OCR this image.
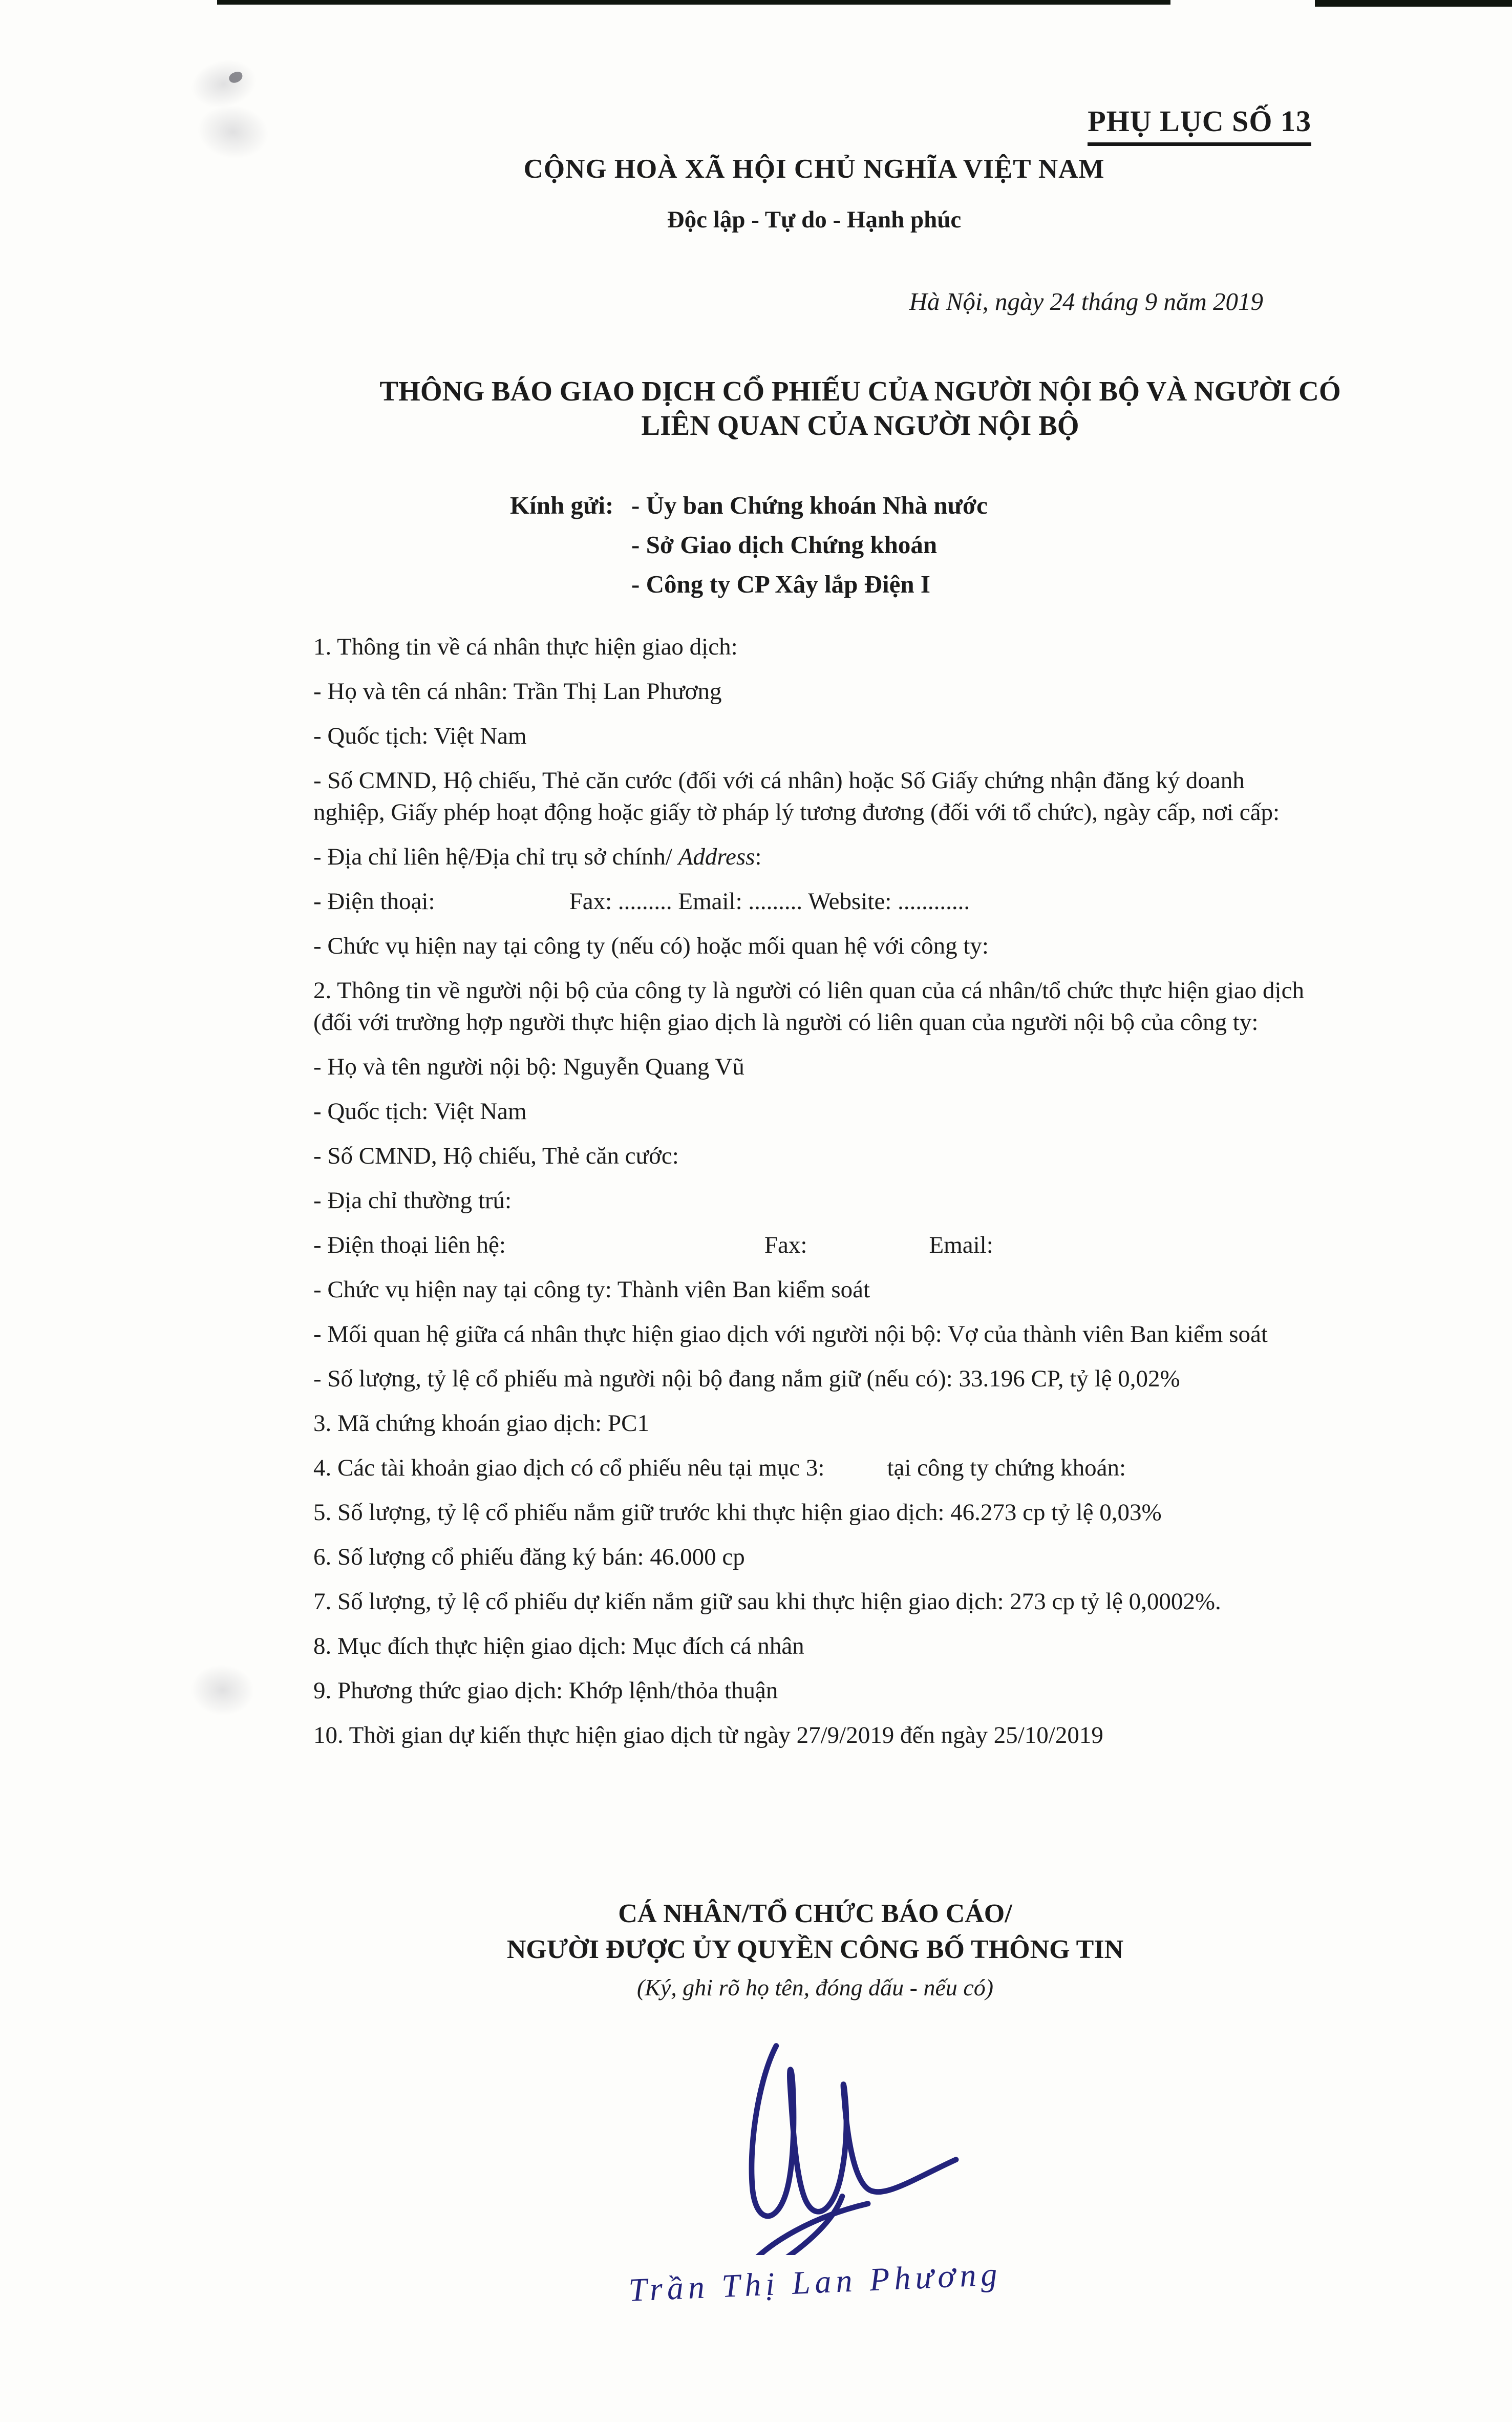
PHỤ LỤC SỐ 13
CỘNG HOÀ XÃ HỘI CHỦ NGHĨA VIỆT NAM
Độc lập - Tự do - Hạnh phúc
Hà Nội, ngày 24 tháng 9 năm 2019
THÔNG BÁO GIAO DỊCH CỔ PHIẾU CỦA NGƯỜI NỘI BỘ VÀ NGƯỜI CÓ LIÊN QUAN CỦA NGƯỜI NỘI BỘ
Kính gửi: - Ủy ban Chứng khoán Nhà nước
- Sở Giao dịch Chứng khoán
- Công ty CP Xây lắp Điện I

1. Thông tin về cá nhân thực hiện giao dịch:

- Họ và tên cá nhân: Trần Thị Lan Phương

- Quốc tịch: Việt Nam

- Số CMND, Hộ chiếu, Thẻ căn cước (đối với cá nhân) hoặc Số Giấy chứng nhận đăng ký doanh nghiệp, Giấy phép hoạt động hoặc giấy tờ pháp lý tương đương (đối với tổ chức), ngày cấp, nơi cấp:

- Địa chỉ liên hệ/Địa chỉ trụ sở chính/ Address:

- Điện thoại:	Fax: ......... Email: ......... Website: ............

- Chức vụ hiện nay tại công ty (nếu có) hoặc mối quan hệ với công ty:

2. Thông tin về người nội bộ của công ty là người có liên quan của cá nhân/tổ chức thực hiện giao dịch (đối với trường hợp người thực hiện giao dịch là người có liên quan của người nội bộ của công ty:

- Họ và tên người nội bộ: Nguyễn Quang Vũ

- Quốc tịch: Việt Nam

- Số CMND, Hộ chiếu, Thẻ căn cước:

- Địa chỉ thường trú:

- Điện thoại liên hệ:	Fax:	Email:

- Chức vụ hiện nay tại công ty: Thành viên Ban kiểm soát

- Mối quan hệ giữa cá nhân thực hiện giao dịch với người nội bộ: Vợ của thành viên Ban kiểm soát

- Số lượng, tỷ lệ cổ phiếu mà người nội bộ đang nắm giữ (nếu có): 33.196 CP, tỷ lệ 0,02%

3. Mã chứng khoán giao dịch: PC1

4. Các tài khoản giao dịch có cổ phiếu nêu tại mục 3:	tại công ty chứng khoán:

5. Số lượng, tỷ lệ cổ phiếu nắm giữ trước khi thực hiện giao dịch: 46.273 cp tỷ lệ 0,03%

6. Số lượng cổ phiếu đăng ký bán: 46.000 cp

7. Số lượng, tỷ lệ cổ phiếu dự kiến nắm giữ sau khi thực hiện giao dịch: 273 cp tỷ lệ 0,0002%.

8. Mục đích thực hiện giao dịch: Mục đích cá nhân

9. Phương thức giao dịch: Khớp lệnh/thỏa thuận

10. Thời gian dự kiến thực hiện giao dịch từ ngày 27/9/2019 đến ngày 25/10/2019

CÁ NHÂN/TỔ CHỨC BÁO CÁO/
NGƯỜI ĐƯỢC ỦY QUYỀN CÔNG BỐ THÔNG TIN
(Ký, ghi rõ họ tên, đóng dấu - nếu có)
Trần Thị Lan Phương
